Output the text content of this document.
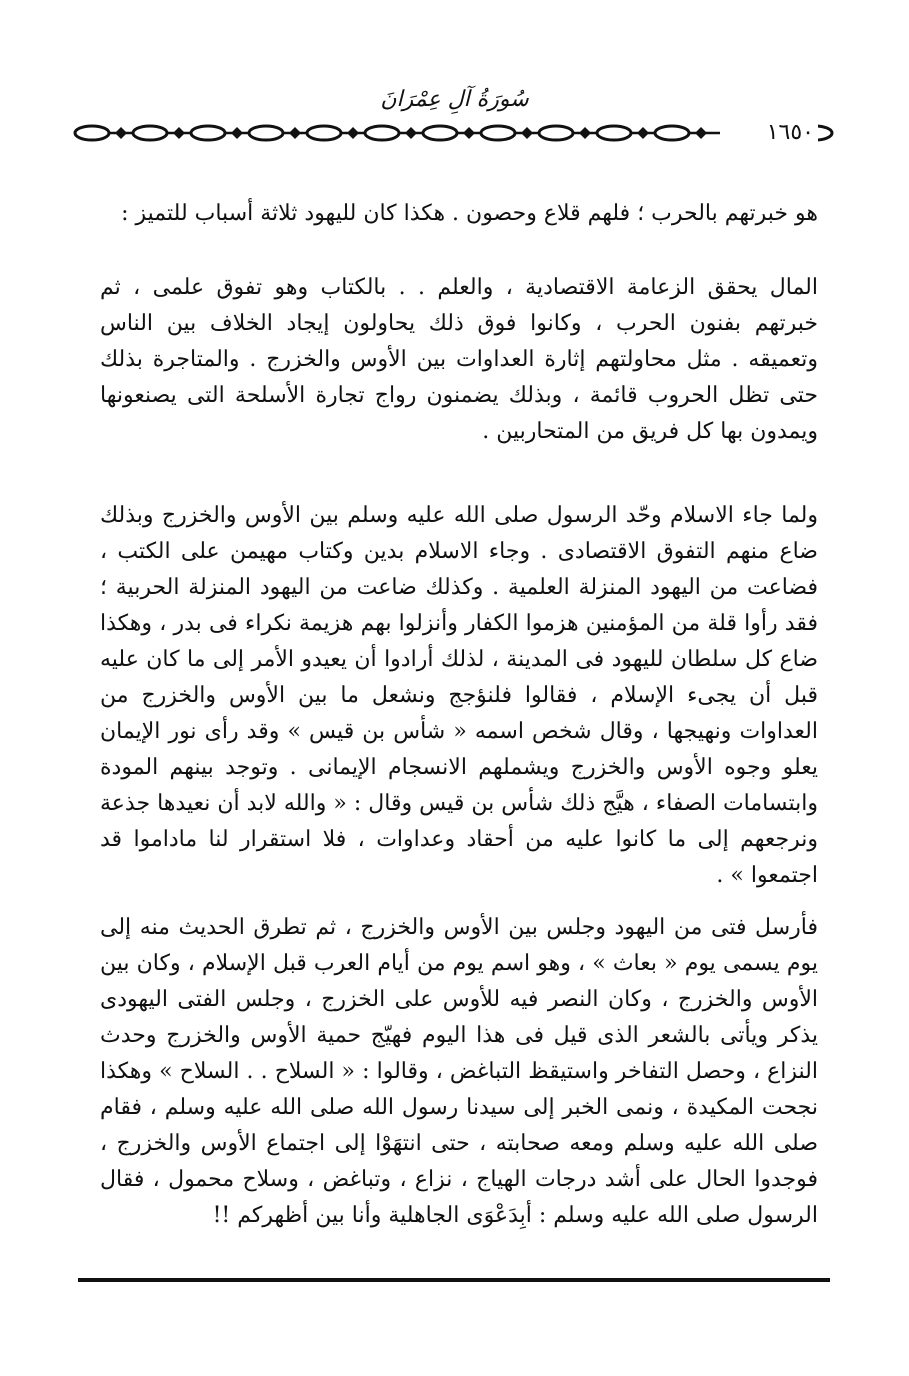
سُورَةُ آلِ عِمْرَانَ
١٦٥٠

هو خبرتهم بالحرب ؛ فلهم قلاع وحصون . هكذا كان لليهود ثلاثة أسباب للتميز :

المال يحقق الزعامة الاقتصادية ، والعلم . . بالكتاب وهو تفوق علمى ، ثم خبرتهم بفنون الحرب ، وكانوا فوق ذلك يحاولون إيجاد الخلاف بين الناس وتعميقه . مثل محاولتهم إثارة العداوات بين الأوس والخزرج . والمتاجرة بذلك حتى تظل الحروب قائمة ، وبذلك يضمنون رواج تجارة الأسلحة التى يصنعونها ويمدون بها كل فريق من المتحاربين .

ولما جاء الاسلام وحّد الرسول صلى الله عليه وسلم بين الأوس والخزرج وبذلك ضاع منهم التفوق الاقتصادى . وجاء الاسلام بدين وكتاب مهيمن على الكتب ، فضاعت من اليهود المنزلة العلمية . وكذلك ضاعت من اليهود المنزلة الحربية ؛ فقد رأوا قلة من المؤمنين هزموا الكفار وأنزلوا بهم هزيمة نكراء فى بدر ، وهكذا ضاع كل سلطان لليهود فى المدينة ، لذلك أرادوا أن يعيدو الأمر إلى ما كان عليه قبل أن يجىء الإسلام ، فقالوا فلنؤجج ونشعل ما بين الأوس والخزرج من العداوات ونهيجها ، وقال شخص اسمه « شأس بن قيس » وقد رأى نور الإيمان يعلو وجوه الأوس والخزرج ويشملهم الانسجام الإيمانى . وتوجد بينهم المودة وابتسامات الصفاء ، هيَّج ذلك شأس بن قيس وقال : « والله لابد أن نعيدها جذعة ونرجعهم إلى ما كانوا عليه من أحقاد وعداوات ، فلا استقرار لنا ماداموا قد اجتمعوا » .

فأرسل فتى من اليهود وجلس بين الأوس والخزرج ، ثم تطرق الحديث منه إلى يوم يسمى يوم « بعاث » ، وهو اسم يوم من أيام العرب قبل الإسلام ، وكان بين الأوس والخزرج ، وكان النصر فيه للأوس على الخزرج ، وجلس الفتى اليهودى يذكر ويأتى بالشعر الذى قيل فى هذا اليوم فهيّج حمية الأوس والخزرج وحدث النزاع ، وحصل التفاخر واستيقظ التباغض ، وقالوا : « السلاح . . السلاح » وهكذا نجحت المكيدة ، ونمى الخبر إلى سيدنا رسول الله صلى الله عليه وسلم ، فقام صلى الله عليه وسلم ومعه صحابته ، حتى انتهَوْا إلى اجتماع الأوس والخزرج ، فوجدوا الحال على أشد درجات الهياج ، نزاع ، وتباغض ، وسلاح محمول ، فقال الرسول صلى الله عليه وسلم : أبِدَعْوَى الجاهلية وأنا بين أظهركم !!
